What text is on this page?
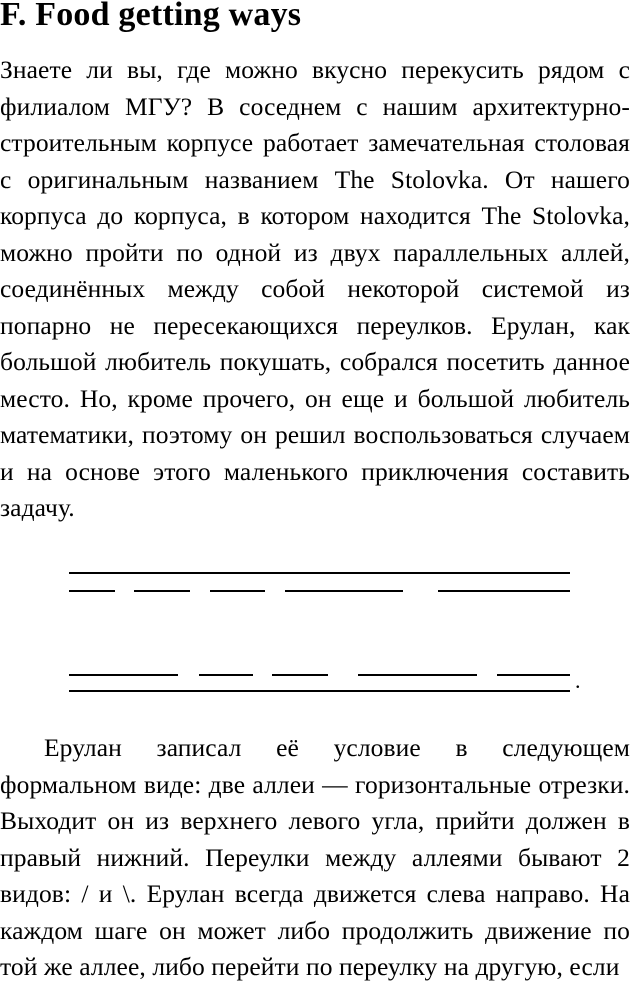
F. Food getting ways
Знаете ли вы, где можно вкусно перекусить рядом с филиалом МГУ? В соседнем с нашим архитектурно-строительным корпусе работает замечательная столовая с оригинальным названием The Stolovka. От нашего корпуса до корпуса, в котором находится The Stolovka, можно пройти по одной из двух параллельных аллей, соединённых между собой некоторой системой из попарно не пересекающихся переулков. Ерулан, как большой любитель покушать, собрался посетить данное место. Но, кроме прочего, он еще и большой любитель математики, поэтому он решил воспользоваться случаем и на основе этого маленького приключения составить задачу.
.
Ерулан записал её условие в следующем формальном виде: две аллеи — горизонтальные отрезки. Выходит он из верхнего левого угла, прийти должен в правый нижний. Переулки между аллеями бывают 2 видов: / и \. Ерулан всегда движется слева направо. На каждом шаге он может либо продолжить движение по той же аллее, либо перейти по переулку на другую, если
